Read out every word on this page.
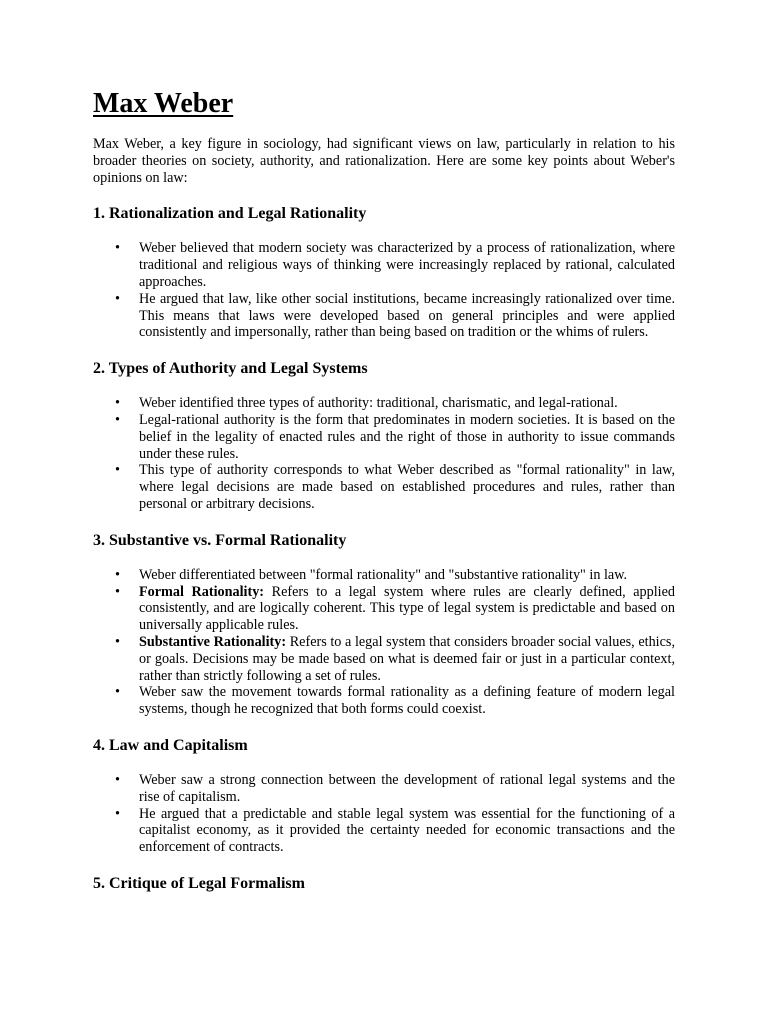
Max Weber

Max Weber, a key figure in sociology, had significant views on law, particularly in relation to his broader theories on society, authority, and rationalization. Here are some key points about Weber's opinions on law:

1. Rationalization and Legal Rationality
• Weber believed that modern society was characterized by a process of rationalization, where traditional and religious ways of thinking were increasingly replaced by rational, calculated approaches.
• He argued that law, like other social institutions, became increasingly rationalized over time. This means that laws were developed based on general principles and were applied consistently and impersonally, rather than being based on tradition or the whims of rulers.
2. Types of Authority and Legal Systems
• Weber identified three types of authority: traditional, charismatic, and legal-rational.
• Legal-rational authority is the form that predominates in modern societies. It is based on the belief in the legality of enacted rules and the right of those in authority to issue commands under these rules.
• This type of authority corresponds to what Weber described as "formal rationality" in law, where legal decisions are made based on established procedures and rules, rather than personal or arbitrary decisions.
3. Substantive vs. Formal Rationality
• Weber differentiated between "formal rationality" and "substantive rationality" in law.
• Formal Rationality: Refers to a legal system where rules are clearly defined, applied consistently, and are logically coherent. This type of legal system is predictable and based on universally applicable rules.
• Substantive Rationality: Refers to a legal system that considers broader social values, ethics, or goals. Decisions may be made based on what is deemed fair or just in a particular context, rather than strictly following a set of rules.
• Weber saw the movement towards formal rationality as a defining feature of modern legal systems, though he recognized that both forms could coexist.
4. Law and Capitalism
• Weber saw a strong connection between the development of rational legal systems and the rise of capitalism.
• He argued that a predictable and stable legal system was essential for the functioning of a capitalist economy, as it provided the certainty needed for economic transactions and the enforcement of contracts.
5. Critique of Legal Formalism
